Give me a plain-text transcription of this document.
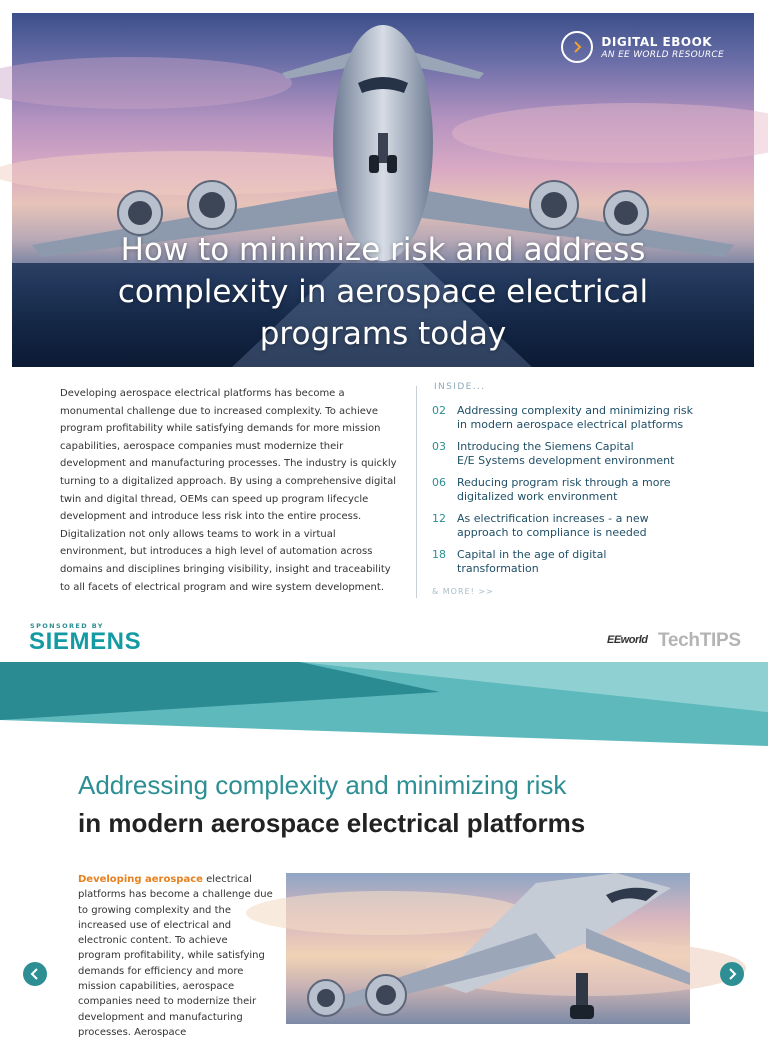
DIGITAL EBOOK
AN EE WORLD RESOURCE
How to minimize risk and address complexity in aerospace electrical programs today

Developing aerospace electrical platforms has become a monumental challenge due to increased complexity. To achieve program profitability while satisfying demands for more mission capabilities, aerospace companies must modernize their development and manufacturing processes. The industry is quickly turning to a digitalized approach. By using a comprehensive digital twin and digital thread, OEMs can speed up program lifecycle development and introduce less risk into the entire process. Digitalization not only allows teams to work in a virtual environment, but introduces a high level of automation across domains and disciplines bringing visibility, insight and traceability to all facets of electrical program and wire system development.

INSIDE...
02	Addressing complexity and minimizing risk
in modern aerospace electrical platforms
03	Introducing the Siemens Capital
E/E Systems development environment
06	Reducing program risk through a more
digitalized work environment
12	As electrification increases - a new
approach to compliance is needed
18	Capital in the age of digital
transformation
& MORE! >>
SPONSORED BY
SIEMENS	EEworld TechTIPS
Addressing complexity and minimizing risk
in modern aerospace electrical platforms

Developing aerospace electrical platforms has become a challenge due to growing complexity and the increased use of electrical and electronic content. To achieve program profitability, while satisfying demands for efficiency and more mission capabilities, aerospace companies need to modernize their development and manufacturing processes. Aerospace
